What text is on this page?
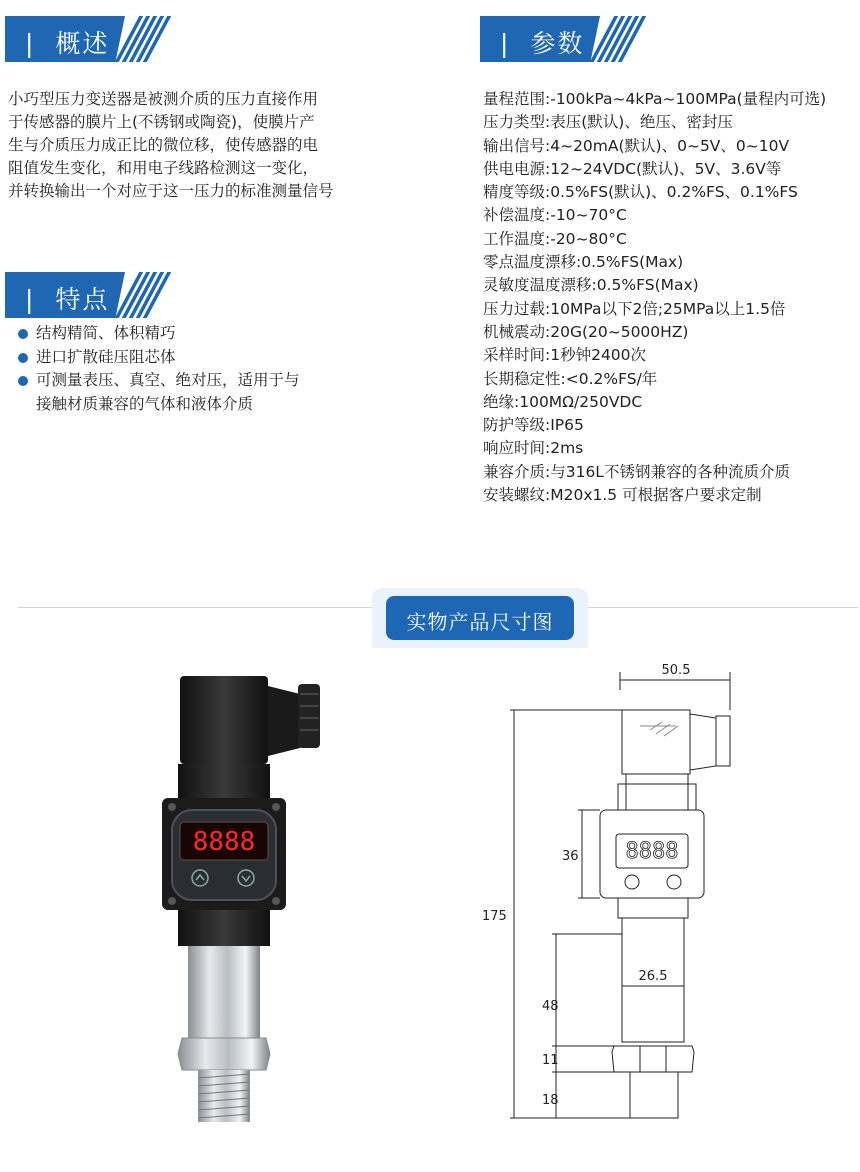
|  概述
小巧型压力变送器是被测介质的压力直接作用
于传感器的膜片上(不锈钢或陶瓷)，使膜片产
生与介质压力成正比的微位移，使传感器的电
阻值发生变化，和用电子线路检测这一变化，
并转换输出一个对应于这一压力的标准测量信号
|  特点
结构精简、体积精巧
进口扩散硅压阻芯体
可测量表压、真空、绝对压，适用于与
接触材质兼容的气体和液体介质
|  参数
量程范围:-100kPa~4kPa~100MPa(量程内可选)
压力类型:表压(默认)、绝压、密封压
输出信号:4~20mA(默认)、0~5V、0~10V
供电电源:12~24VDC(默认)、5V、3.6V等
精度等级:0.5%FS(默认)、0.2%FS、0.1%FS
补偿温度:-10~70°C
工作温度:-20~80°C
零点温度漂移:0.5%FS(Max)
灵敏度温度漂移:0.5%FS(Max)
压力过载:10MPa以下2倍;25MPa以上1.5倍
机械震动:20G(20~5000HZ)
采样时间:1秒钟2400次
长期稳定性:<0.2%FS/年
绝缘:100MΩ/250VDC
防护等级:IP65
响应时间:2ms
兼容介质:与316L不锈钢兼容的各种流质介质
安装螺纹:M20x1.5 可根据客户要求定制
实物产品尺寸图
8888
50.5
8888
175
36
26.5
48
11
18
